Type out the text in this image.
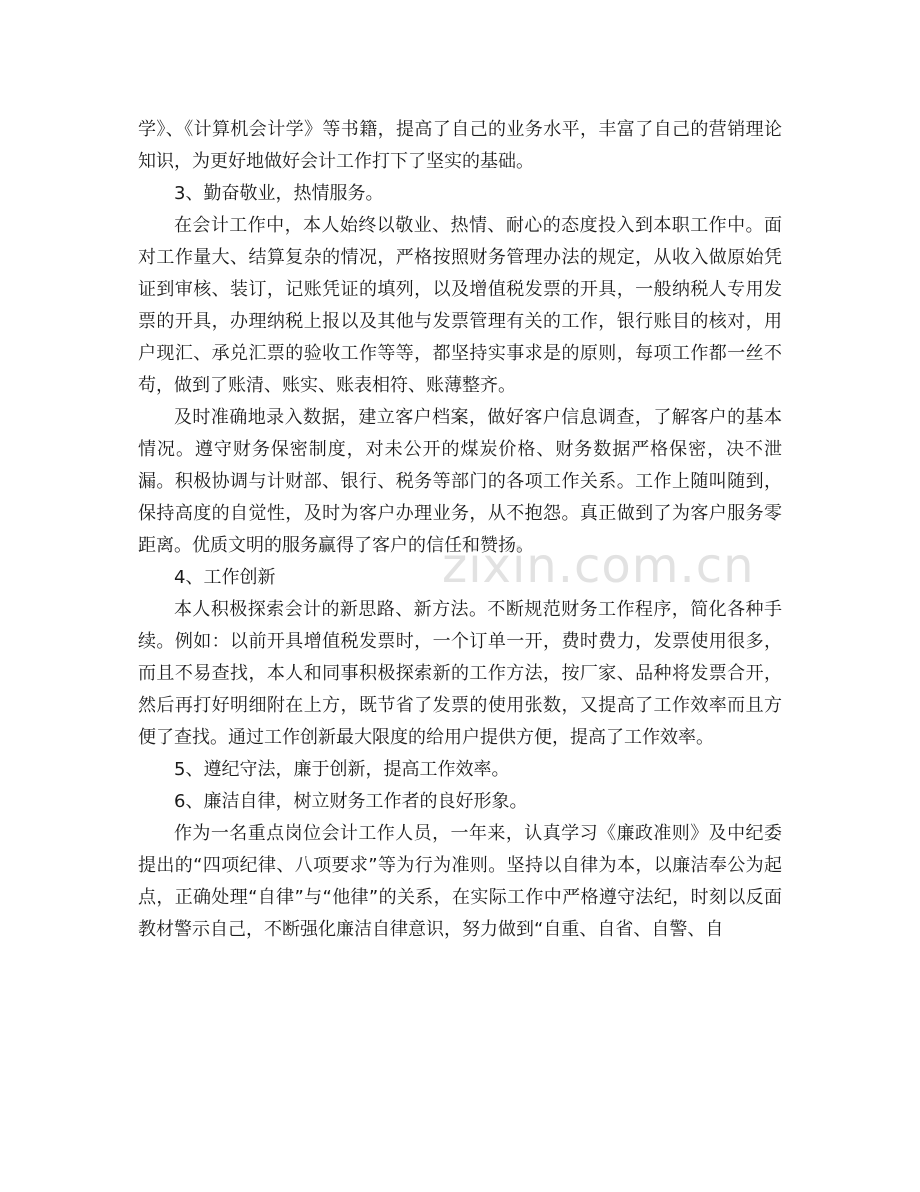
学》、《计算机会计学》等书籍，提高了自己的业务水平，丰富了自己的营销理论知识，为更好地做好会计工作打下了坚实的基础。

3、勤奋敬业，热情服务。

在会计工作中，本人始终以敬业、热情、耐心的态度投入到本职工作中。面对工作量大、结算复杂的情况，严格按照财务管理办法的规定，从收入做原始凭证到审核、装订，记账凭证的填列，以及增值税发票的开具，一般纳税人专用发票的开具，办理纳税上报以及其他与发票管理有关的工作，银行账目的核对，用户现汇、承兑汇票的验收工作等等，都坚持实事求是的原则，每项工作都一丝不苟，做到了账清、账实、账表相符、账薄整齐。

及时准确地录入数据，建立客户档案，做好客户信息调查，了解客户的基本情况。遵守财务保密制度，对未公开的煤炭价格、财务数据严格保密，决不泄漏。积极协调与计财部、银行、税务等部门的各项工作关系。工作上随叫随到，保持高度的自觉性，及时为客户办理业务，从不抱怨。真正做到了为客户服务零距离。优质文明的服务赢得了客户的信任和赞扬。

4、工作创新

本人积极探索会计的新思路、新方法。不断规范财务工作程序，简化各种手续。例如：以前开具增值税发票时，一个订单一开，费时费力，发票使用很多，而且不易查找，本人和同事积极探索新的工作方法，按厂家、品种将发票合开，然后再打好明细附在上方，既节省了发票的使用张数，又提高了工作效率而且方便了查找。通过工作创新最大限度的给用户提供方便，提高了工作效率。

5、遵纪守法，廉于创新，提高工作效率。

6、廉洁自律，树立财务工作者的良好形象。

作为一名重点岗位会计工作人员，一年来，认真学习《廉政准则》及中纪委提出的“四项纪律、八项要求”等为行为准则。坚持以自律为本，以廉洁奉公为起点，正确处理“自律”与“他律”的关系，在实际工作中严格遵守法纪，时刻以反面教材警示自己，不断强化廉洁自律意识，努力做到“自重、自省、自警、自

zixin.com.cn
